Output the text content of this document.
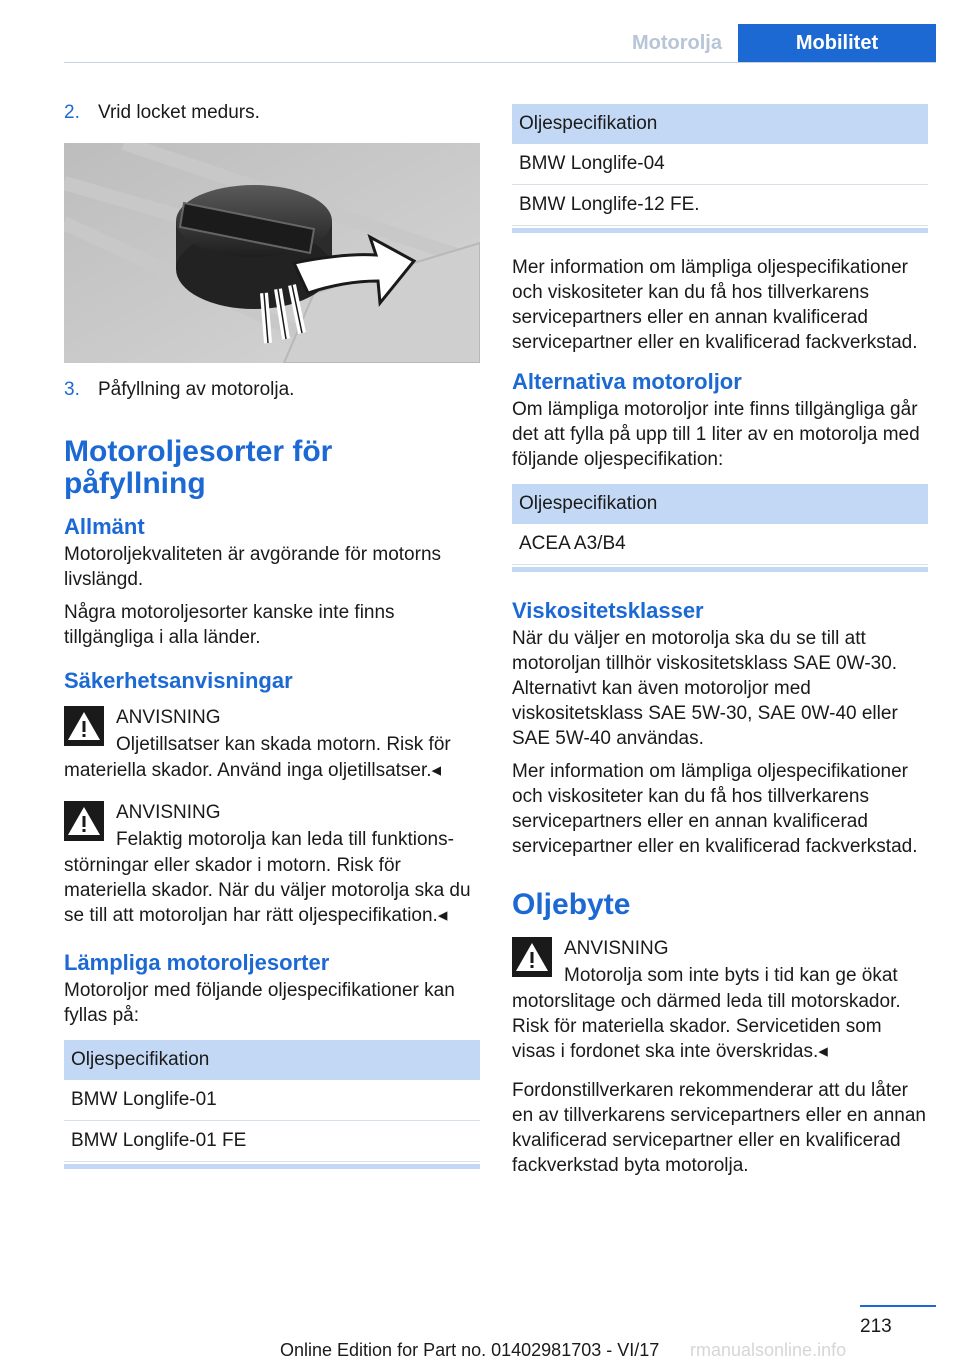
Motorolja	Mobilitet
2. Vrid locket medurs.
3. Påfyllning av motorolja.
Motoroljesorter för påfyllning
Allmänt

Motoroljekvaliteten är avgörande för motorns livslängd.

Några motoroljesorter kanske inte finns tillgängliga i alla länder.

Säkerhetsanvisningar
ANVISNING
Oljetillsatser kan skada motorn. Risk för
materiella skador. Använd inga oljetillsatser.◂
ANVISNING
Felaktig motorolja kan leda till funktions-
störningar eller skador i motorn. Risk för materiella skador. När du väljer motorolja ska du se till att motoroljan har rätt oljespecifikation.◂
Lämpliga motoroljesorter

Motoroljor med följande oljespecifikationer kan fyllas på:

Oljespecifikation
BMW Longlife-01
BMW Longlife-01 FE
Oljespecifikation
BMW Longlife-04
BMW Longlife-12 FE.

Mer information om lämpliga oljespecifikationer och viskositeter kan du få hos tillverkarens servicepartners eller en annan kvalificerad servicepartner eller en kvalificerad fackverkstad.

Alternativa motoroljor

Om lämpliga motoroljor inte finns tillgängliga går det att fylla på upp till 1 liter av en motorolja med följande oljespecifikation:

Oljespecifikation
ACEA A3/B4
Viskositetsklasser

När du väljer en motorolja ska du se till att motoroljan tillhör viskositetsklass SAE 0W-30. Alternativt kan även motoroljor med viskositetsklass SAE 5W-30, SAE 0W-40 eller SAE 5W-40 användas.

Mer information om lämpliga oljespecifikationer och viskositeter kan du få hos tillverkarens servicepartners eller en annan kvalificerad servicepartner eller en kvalificerad fackverkstad.

Oljebyte
ANVISNING
Motorolja som inte byts i tid kan ge ökat
motorslitage och därmed leda till motorskador. Risk för materiella skador. Servicetiden som visas i fordonet ska inte överskridas.◂

Fordonstillverkaren rekommenderar att du låter en av tillverkarens servicepartners eller en annan kvalificerad servicepartner eller en kvalificerad fackverkstad byta motorolja.

213
Online Edition for Part no. 01402981703 - VI/17 rmanualsonline.info
